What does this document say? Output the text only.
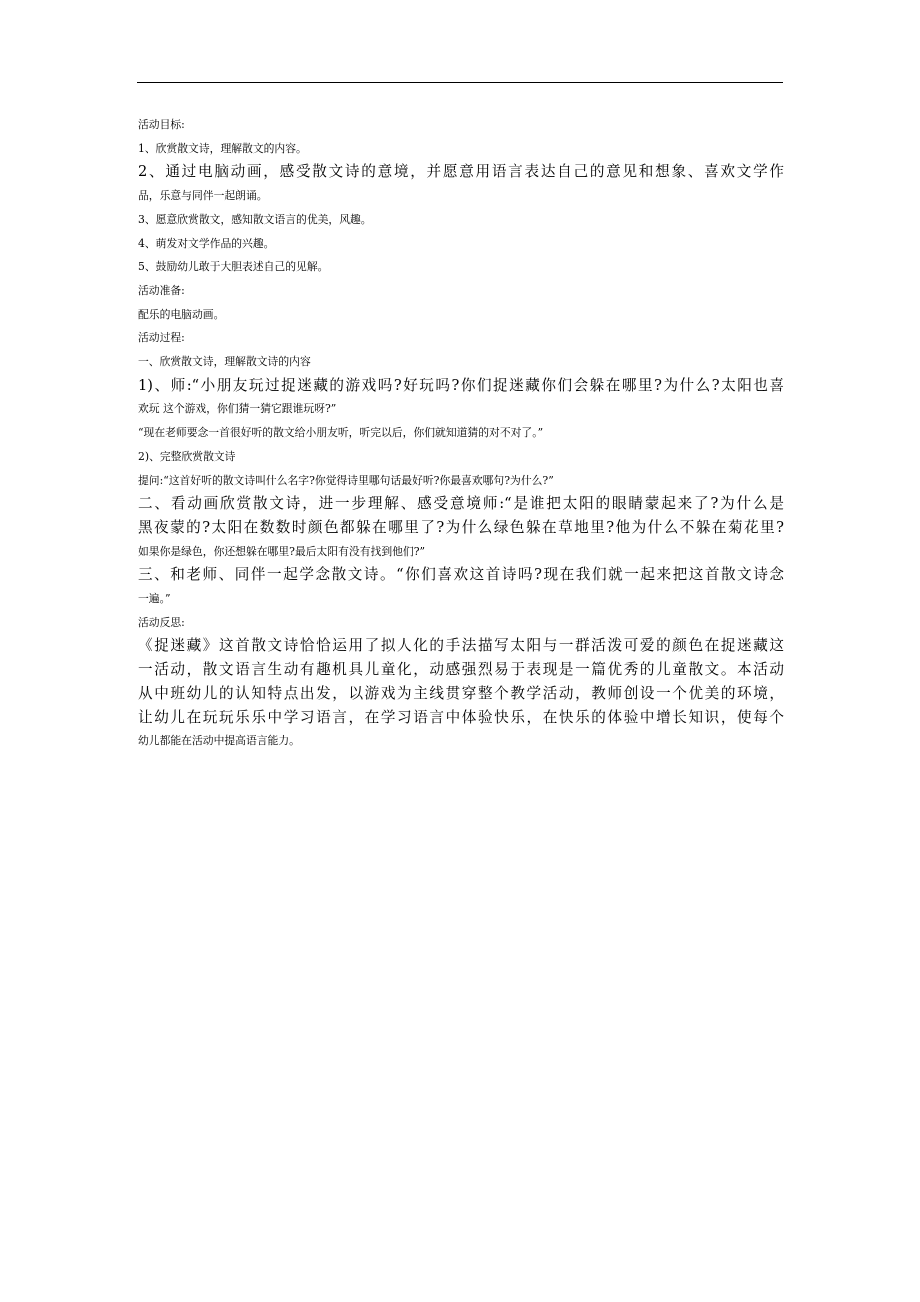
活动目标:
1、欣赏散文诗，理解散文的内容。
2、通过电脑动画，感受散文诗的意境，并愿意用语言表达自己的意见和想象、喜欢文学作
品，乐意与同伴一起朗诵。
3、愿意欣赏散文，感知散文语言的优美，风趣。
4、萌发对文学作品的兴趣。
5、鼓励幼儿敢于大胆表述自己的见解。
活动准备:
配乐的电脑动画。
活动过程:
一、欣赏散文诗，理解散文诗的内容
1)、师:“小朋友玩过捉迷藏的游戏吗?好玩吗?你们捉迷藏你们会躲在哪里?为什么?太阳也喜
欢玩 这个游戏，你们猜一猜它跟谁玩呀?”
“现在老师要念一首很好听的散文给小朋友听，听完以后，你们就知道猜的对不对了。”
2)、完整欣赏散文诗
提问:“这首好听的散文诗叫什么名字?你觉得诗里哪句话最好听?你最喜欢哪句?为什么?”
二、看动画欣赏散文诗，进一步理解、感受意境师:“是谁把太阳的眼睛蒙起来了?为什么是
黑夜蒙的?太阳在数数时颜色都躲在哪里了?为什么绿色躲在草地里?他为什么不躲在菊花里?
如果你是绿色，你还想躲在哪里?最后太阳有没有找到他们?”
三、和老师、同伴一起学念散文诗。“你们喜欢这首诗吗?现在我们就一起来把这首散文诗念
一遍。”
活动反思:
《捉迷藏》这首散文诗恰恰运用了拟人化的手法描写太阳与一群活泼可爱的颜色在捉迷藏这
一活动，散文语言生动有趣机具儿童化，动感强烈易于表现是一篇优秀的儿童散文。本活动
从中班幼儿的认知特点出发，以游戏为主线贯穿整个教学活动，教师创设一个优美的环境，
让幼儿在玩玩乐乐中学习语言，在学习语言中体验快乐，在快乐的体验中增长知识，使每个
幼儿都能在活动中提高语言能力。
